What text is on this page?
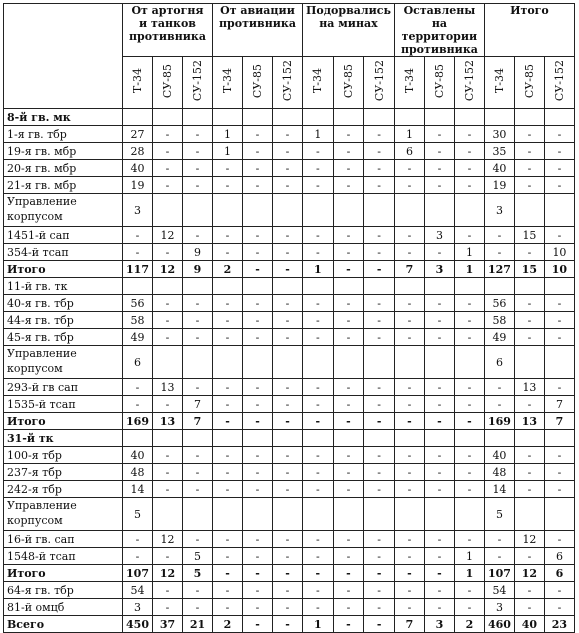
	От артогня и танков противника			От авиации противника			Подорвались на минах			Оставлены на территории противника			Итого		
	Т-34	СУ-85	СУ-152	Т-34	СУ-85	СУ-152	Т-34	СУ-85	СУ-152	Т-34	СУ-85	СУ-152	Т-34	СУ-85	СУ-152
8-й гв. мк															
1-я гв. тбр	27	-	-	1	-	-	1	-	-	1	-	-	30	-	-
19-я гв. мбр	28	-	-	1	-	-	-	-	-	6	-	-	35	-	-
20-я гв. мбр	40	-	-	-	-	-	-	-	-	-	-	-	40	-	-
21-я гв. мбр	19	-	-	-	-	-	-	-	-	-	-	-	19	-	-
Управление корпусом	3												3		
1451-й сап	-	12	-	-	-	-	-	-	-	-	3	-	-	15	-
354-й тсап	-	-	9	-	-	-	-	-	-	-	-	1	-	-	10
Итого	117	12	9	2	-	-	1	-	-	7	3	1	127	15	10
11-й гв. тк															
40-я гв. тбр	56	-	-	-	-	-	-	-	-	-	-	-	56	-	-
44-я гв. тбр	58	-	-	-	-	-	-	-	-	-	-	-	58	-	-
45-я гв. тбр	49	-	-	-	-	-	-	-	-	-	-	-	49	-	-
Управление корпусом	6												6		
293-й гв сап	-	13	-	-	-	-	-	-	-	-	-	-	-	13	-
1535-й тсап	-	-	7	-	-	-	-	-	-	-	-	-	-	-	7
Итого	169	13	7	-	-	-	-	-	-	-	-	-	169	13	7
31-й тк															
100-я тбр	40	-	-	-	-	-	-	-	-	-	-	-	40	-	-
237-я тбр	48	-	-	-	-	-	-	-	-	-	-	-	48	-	-
242-я тбр	14	-	-	-	-	-	-	-	-	-	-	-	14	-	-
Управление корпусом	5												5		
16-й гв. сап	-	12	-	-	-	-	-	-	-	-	-	-	-	12	-
1548-й тсап	-	-	5	-	-	-	-	-	-	-	-	1	-	-	6
Итого	107	12	5	-	-	-	-	-	-	-	-	1	107	12	6
64-я гв. тбр	54	-	-	-	-	-	-	-	-	-	-	-	54	-	-
81-й омцб	3	-	-	-	-	-	-	-	-	-	-	-	3	-	-
Всего	450	37	21	2	-	-	1	-	-	7	3	2	460	40	23
